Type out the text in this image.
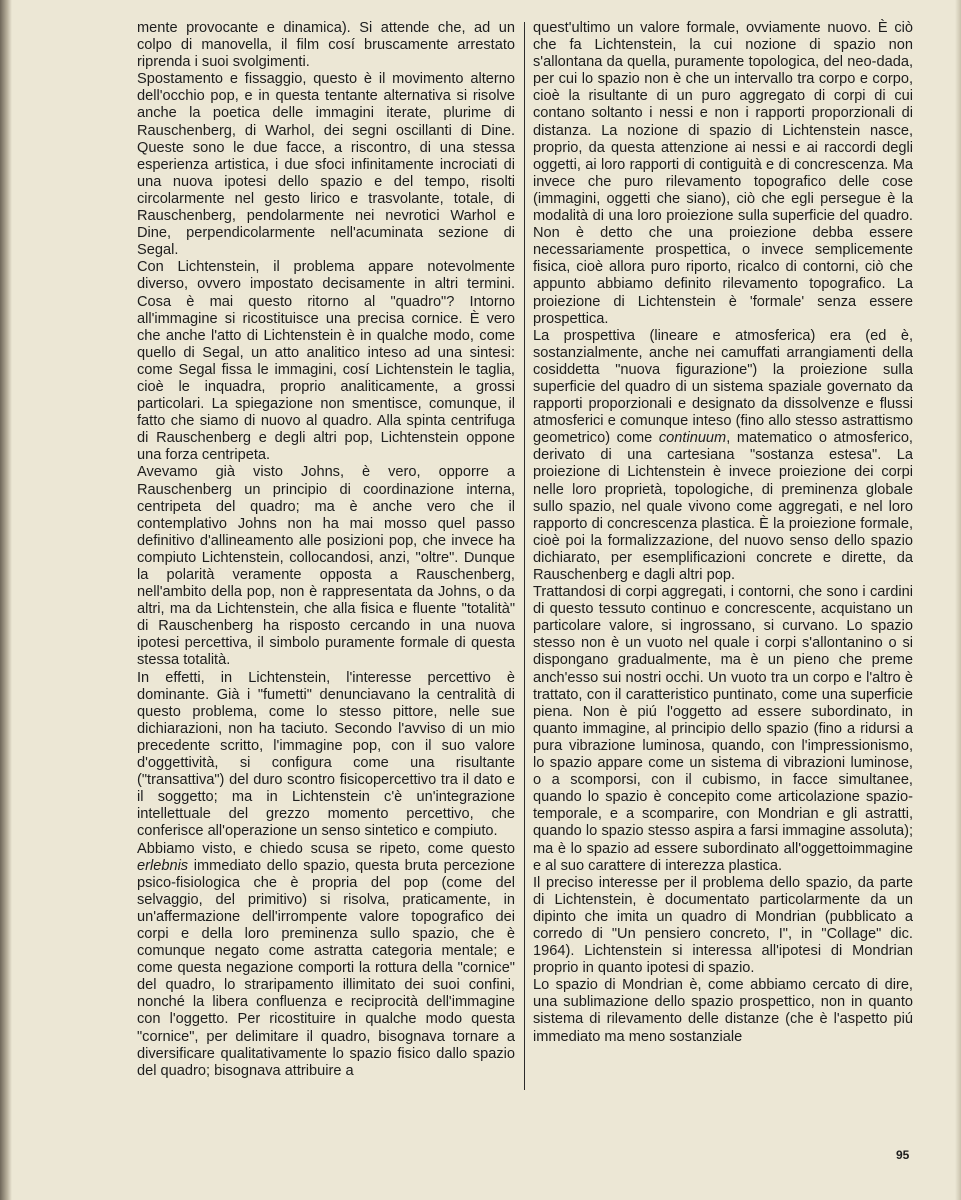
mente provocante e dinamica). Si attende che, ad un colpo di manovella, il film cosí bruscamente arrestato riprenda i suoi svolgimenti.

Spostamento e fissaggio, questo è il movimento alterno dell'occhio pop, e in questa tentante alternativa si risolve anche la poetica delle immagini iterate, plurime di Rauschenberg, di Warhol, dei segni oscillanti di Dine. Queste sono le due facce, a riscontro, di una stessa esperienza artistica, i due sfoci infinitamente incrociati di una nuova ipotesi dello spazio e del tempo, risolti circolarmente nel gesto lirico e trasvolante, totale, di Rauschenberg, pendolarmente nei nevrotici Warhol e Dine, perpendicolarmente nell'acuminata sezione di Segal.

Con Lichtenstein, il problema appare notevolmente diverso, ovvero impostato decisamente in altri termini. Cosa è mai questo ritorno al "quadro"? Intorno all'immagine si ricostituisce una precisa cornice. È vero che anche l'atto di Lichtenstein è in qualche modo, come quello di Segal, un atto analitico inteso ad una sintesi: come Segal fissa le immagini, cosí Lichtenstein le taglia, cioè le inquadra, proprio analiticamente, a grossi particolari. La spiegazione non smentisce, comunque, il fatto che siamo di nuovo al quadro. Alla spinta centrifuga di Rauschenberg e degli altri pop, Lichtenstein oppone una forza centripeta.

Avevamo già visto Johns, è vero, opporre a Rauschenberg un principio di coordinazione interna, centripeta del quadro; ma è anche vero che il contemplativo Johns non ha mai mosso quel passo definitivo d'allineamento alle posizioni pop, che invece ha compiuto Lichtenstein, collocandosi, anzi, "oltre". Dunque la polarità veramente opposta a Rauschenberg, nell'ambito della pop, non è rappresentata da Johns, o da altri, ma da Lichtenstein, che alla fisica e fluente "totalità" di Rauschenberg ha risposto cercando in una nuova ipotesi percettiva, il simbolo puramente formale di questa stessa totalità.

In effetti, in Lichtenstein, l'interesse percettivo è dominante. Già i "fumetti" denunciavano la centralità di questo problema, come lo stesso pittore, nelle sue dichiarazioni, non ha taciuto. Secondo l'avviso di un mio precedente scritto, l'immagine pop, con il suo valore d'oggettività, si configura come una risultante ("transattiva") del duro scontro fisicopercettivo tra il dato e il soggetto; ma in Lichtenstein c'è un'integrazione intellettuale del grezzo momento percettivo, che conferisce all'operazione un senso sintetico e compiuto.

Abbiamo visto, e chiedo scusa se ripeto, come questo erlebnis immediato dello spazio, questa bruta percezione psico-fisiologica che è propria del pop (come del selvaggio, del primitivo) si risolva, praticamente, in un'affermazione dell'irrompente valore topografico dei corpi e della loro preminenza sullo spazio, che è comunque negato come astratta categoria mentale; e come questa negazione comporti la rottura della "cornice" del quadro, lo straripamento illimitato dei suoi confini, nonché la libera confluenza e reciprocità dell'immagine con l'oggetto. Per ricostituire in qualche modo questa "cornice", per delimitare il quadro, bisognava tornare a diversificare qualitativamente lo spazio fisico dallo spazio del quadro; bisognava attribuire a

quest'ultimo un valore formale, ovviamente nuovo. È ciò che fa Lichtenstein, la cui nozione di spazio non s'allontana da quella, puramente topologica, del neo-dada, per cui lo spazio non è che un intervallo tra corpo e corpo, cioè la risultante di un puro aggregato di corpi di cui contano soltanto i nessi e non i rapporti proporzionali di distanza. La nozione di spazio di Lichtenstein nasce, proprio, da questa attenzione ai nessi e ai raccordi degli oggetti, ai loro rapporti di contiguità e di concrescenza. Ma invece che puro rilevamento topografico delle cose (immagini, oggetti che siano), ciò che egli persegue è la modalità di una loro proiezione sulla superficie del quadro. Non è detto che una proiezione debba essere necessariamente prospettica, o invece semplicemente fisica, cioè allora puro riporto, ricalco di contorni, ciò che appunto abbiamo definito rilevamento topografico. La proiezione di Lichtenstein è 'formale' senza essere prospettica.

La prospettiva (lineare e atmosferica) era (ed è, sostanzialmente, anche nei camuffati arrangiamenti della cosiddetta "nuova figurazione") la proiezione sulla superficie del quadro di un sistema spaziale governato da rapporti proporzionali e designato da dissolvenze e flussi atmosferici e comunque inteso (fino allo stesso astrattismo geometrico) come continuum, matematico o atmosferico, derivato di una cartesiana "sostanza estesa". La proiezione di Lichtenstein è invece proiezione dei corpi nelle loro proprietà, topologiche, di preminenza globale sullo spazio, nel quale vivono come aggregati, e nel loro rapporto di concrescenza plastica. È la proiezione formale, cioè poi la formalizzazione, del nuovo senso dello spazio dichiarato, per esemplificazioni concrete e dirette, da Rauschenberg e dagli altri pop.

Trattandosi di corpi aggregati, i contorni, che sono i cardini di questo tessuto continuo e concrescente, acquistano un particolare valore, si ingrossano, si curvano. Lo spazio stesso non è un vuoto nel quale i corpi s'allontanino o si dispongano gradualmente, ma è un pieno che preme anch'esso sui nostri occhi. Un vuoto tra un corpo e l'altro è trattato, con il caratteristico puntinato, come una superficie piena. Non è piú l'oggetto ad essere subordinato, in quanto immagine, al principio dello spazio (fino a ridursi a pura vibrazione luminosa, quando, con l'impressionismo, lo spazio appare come un sistema di vibrazioni luminose, o a scomporsi, con il cubismo, in facce simultanee, quando lo spazio è concepito come articolazione spazio-temporale, e a scomparire, con Mondrian e gli astratti, quando lo spazio stesso aspira a farsi immagine assoluta); ma è lo spazio ad essere subordinato all'oggettoimmagine e al suo carattere di interezza plastica.

Il preciso interesse per il problema dello spazio, da parte di Lichtenstein, è documentato particolarmente da un dipinto che imita un quadro di Mondrian (pubblicato a corredo di "Un pensiero concreto, I", in "Collage" dic. 1964). Lichtenstein si interessa all'ipotesi di Mondrian proprio in quanto ipotesi di spazio.

Lo spazio di Mondrian è, come abbiamo cercato di dire, una sublimazione dello spazio prospettico, non in quanto sistema di rilevamento delle distanze (che è l'aspetto piú immediato ma meno sostanziale

95
